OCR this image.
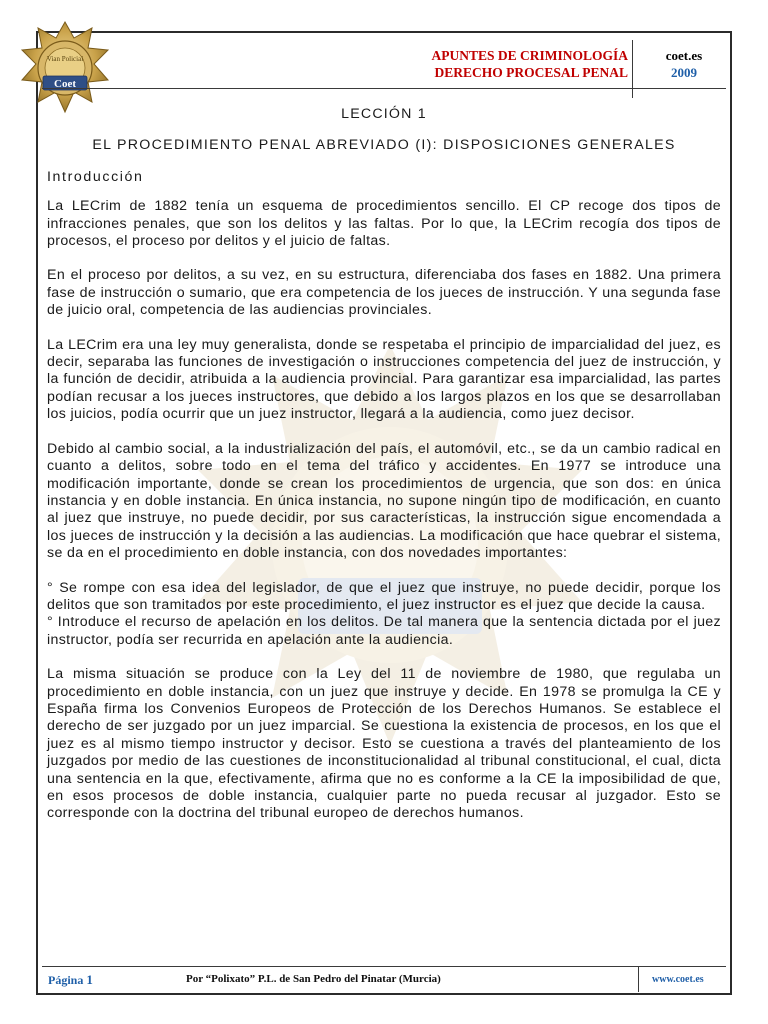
Coet
Vian Policial	APUNTES DE CRIMINOLOGÍA
DERECHO PROCESAL PENAL
coet.es
2009

LECCIÓN 1

EL PROCEDIMIENTO PENAL ABREVIADO (I): DISPOSICIONES GENERALES

Introducción

La LECrim de 1882 tenía un esquema de procedimientos sencillo. El CP recoge dos tipos de infracciones penales, que son los delitos y las faltas. Por lo que, la LECrim recogía dos tipos de procesos, el proceso por delitos y el juicio de faltas.

En el proceso por delitos, a su vez, en su estructura, diferenciaba dos fases en 1882. Una primera fase de instrucción o sumario, que era competencia de los jueces de instrucción. Y una segunda fase de juicio oral, competencia de las audiencias provinciales.

La LECrim era una ley muy generalista, donde se respetaba el principio de imparcialidad del juez, es decir, separaba las funciones de investigación o instrucciones competencia del juez de instrucción, y la función de decidir, atribuida a la audiencia provincial. Para garantizar esa imparcialidad, las partes podían recusar a los jueces instructores, que debido a los largos plazos en los que se desarrollaban los juicios, podía ocurrir que un juez instructor, llegará a la audiencia, como juez decisor.

Debido al cambio social, a la industrialización del país, el automóvil, etc., se da un cambio radical en cuanto a delitos, sobre todo en el tema del tráfico y accidentes. En 1977 se introduce una modificación importante, donde se crean los procedimientos de urgencia, que son dos: en única instancia y en doble instancia. En única instancia, no supone ningún tipo de modificación, en cuanto al juez que instruye, no puede decidir, por sus características, la instrucción sigue encomendada a los jueces de instrucción y la decisión a las audiencias. La modificación que hace quebrar el sistema, se da en el procedimiento en doble instancia, con dos novedades importantes:

° Se rompe con esa idea del legislador, de que el juez que instruye, no puede decidir, porque los delitos que son tramitados por este procedimiento, el juez instructor es el juez que decide la causa.

° Introduce el recurso de apelación en los delitos. De tal manera que la sentencia dictada por el juez instructor, podía ser recurrida en apelación ante la audiencia.

La misma situación se produce con la Ley del 11 de noviembre de 1980, que regulaba un procedimiento en doble instancia, con un juez que instruye y decide. En 1978 se promulga la CE y España firma los Convenios Europeos de Protección de los Derechos Humanos. Se establece el derecho de ser juzgado por un juez imparcial. Se cuestiona la existencia de procesos, en los que el juez es al mismo tiempo instructor y decisor. Esto se cuestiona a través del planteamiento de los juzgados por medio de las cuestiones de inconstitucionalidad al tribunal constitucional, el cual, dicta una sentencia en la que, efectivamente, afirma que no es conforme a la CE la imposibilidad de que, en esos procesos de doble instancia, cualquier parte no pueda recusar al juzgador. Esto se corresponde con la doctrina del tribunal europeo de derechos humanos.

Página 1	Por “Polixato” P.L. de San Pedro del Pinatar (Murcia)	www.coet.es
